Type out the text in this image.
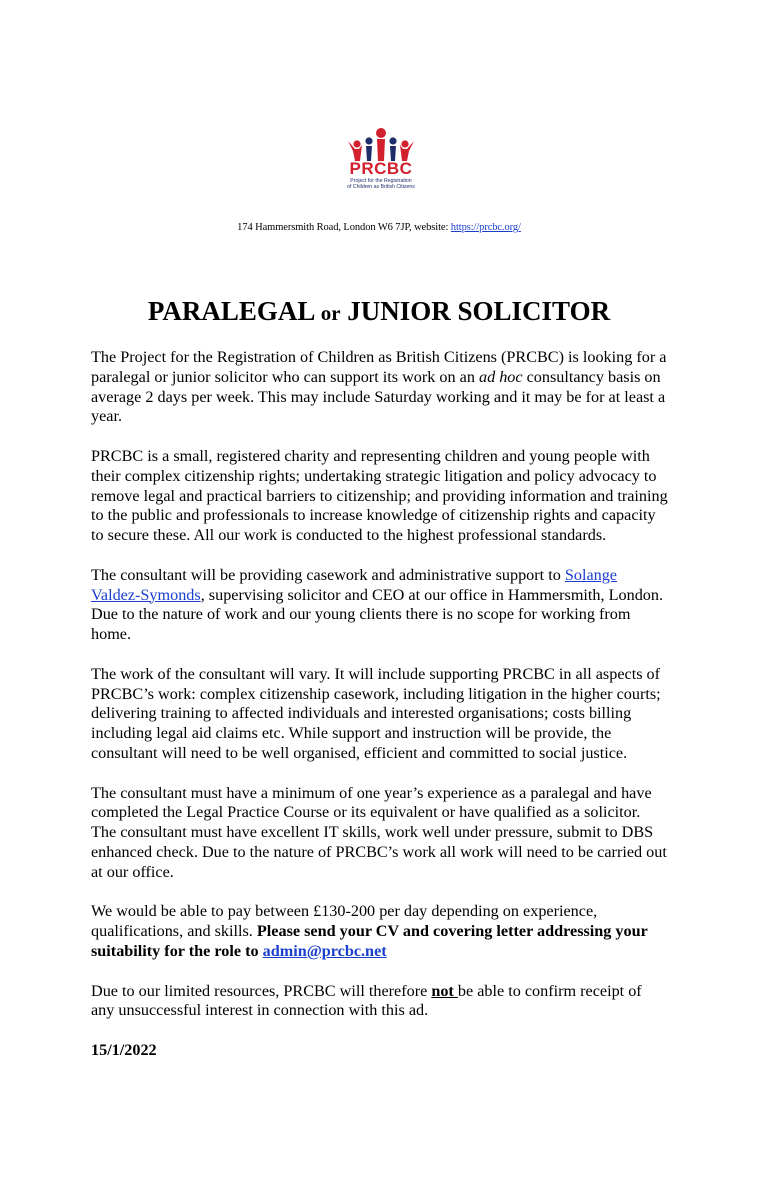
PRCBC
Project for the Registration
of Children as British Citizens
174 Hammersmith Road, London W6 7JP, website: https://prcbc.org/
PARALEGAL or JUNIOR SOLICITOR

The Project for the Registration of Children as British Citizens (PRCBC) is looking for a paralegal or junior solicitor who can support its work on an ad hoc consultancy basis on average 2 days per week. This may include Saturday working and it may be for at least a year.

PRCBC is a small, registered charity and representing children and young people with their complex citizenship rights; undertaking strategic litigation and policy advocacy to remove legal and practical barriers to citizenship; and providing information and training to the public and professionals to increase knowledge of citizenship rights and capacity to secure these. All our work is conducted to the highest professional standards.

The consultant will be providing casework and administrative support to Solange Valdez-Symonds, supervising solicitor and CEO at our office in Hammersmith, London. Due to the nature of work and our young clients there is no scope for working from home.

The work of the consultant will vary. It will include supporting PRCBC in all aspects of PRCBC’s work: complex citizenship casework, including litigation in the higher courts; delivering training to affected individuals and interested organisations; costs billing including legal aid claims etc. While support and instruction will be provide, the consultant will need to be well organised, efficient and committed to social justice.

The consultant must have a minimum of one year’s experience as a paralegal and have completed the Legal Practice Course or its equivalent or have qualified as a solicitor. The consultant must have excellent IT skills, work well under pressure, submit to DBS enhanced check. Due to the nature of PRCBC’s work all work will need to be carried out at our office.

We would be able to pay between £130-200 per day depending on experience, qualifications, and skills. Please send your CV and covering letter addressing your suitability for the role to admin@prcbc.net

Due to our limited resources, PRCBC will therefore not be able to confirm receipt of any unsuccessful interest in connection with this ad.

15/1/2022
